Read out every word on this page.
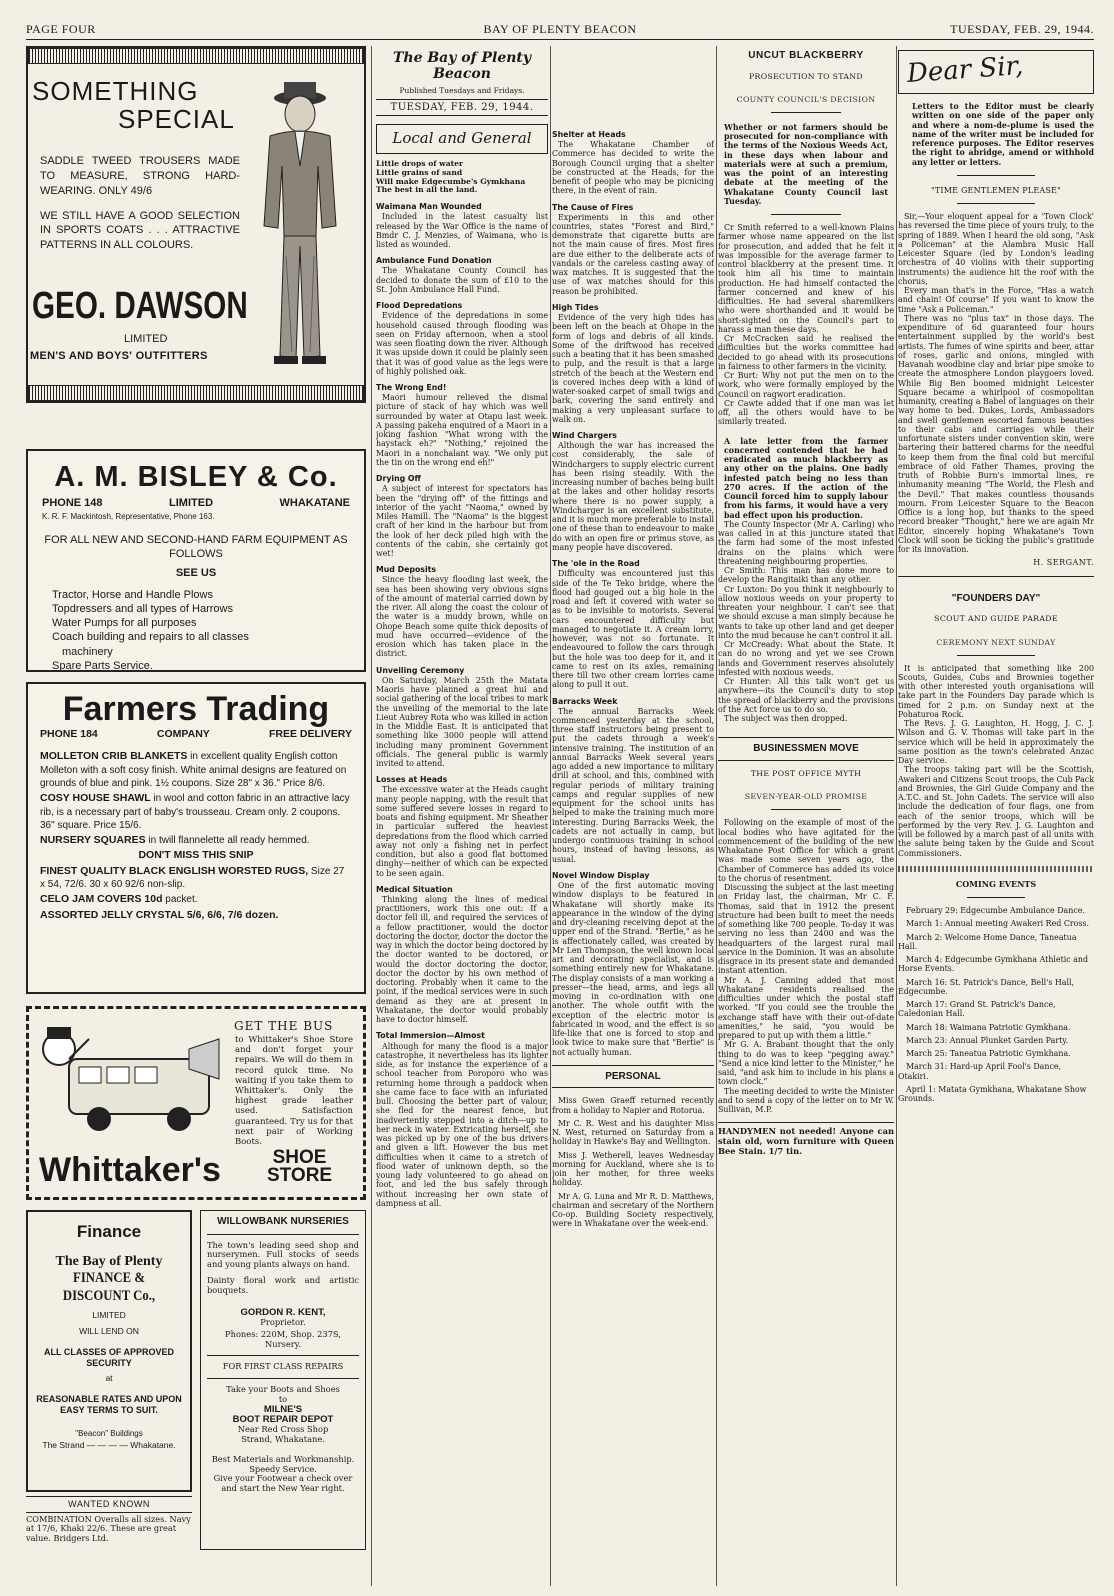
PAGE FOUR	BAY OF PLENTY BEACON	TUESDAY, FEB. 29, 1944.
SOMETHING
SPECIAL

SADDLE TWEED TROUSERS MADE TO MEASURE, STRONG HARD-WEARING. ONLY 49/6

WE STILL HAVE A GOOD SELECTION IN SPORTS COATS . . . ATTRACTIVE PATTERNS IN ALL COLOURS.

GEO. DAWSON
LIMITED
MEN'S AND BOYS' OUTFITTERS
A. M. BISLEY & Co.
PHONE 148	LIMITED	WHAKATANE
K. R. F. Mackintosh, Representative, Phone 163.
FOR ALL NEW AND SECOND-HAND FARM EQUIPMENT AS FOLLOWS
SEE US
Tractor, Horse and Handle Plows
Topdressers and all types of Harrows
Water Pumps for all purposes
Coach building and repairs to all classes
machinery
Spare Parts Service.
Farmers Trading
PHONE 184	COMPANY	FREE DELIVERY

MOLLETON CRIB BLANKETS in excellent quality English cotton Molleton with a soft cosy finish. White animal designs are featured on grounds of blue and pink. 1½ coupons. Size 28" x 36." Price 8/6.

COSY HOUSE SHAWL in wool and cotton fabric in an attractive lacy rib, is a necessary part of baby's trousseau. Cream only. 2 coupons. 36" square. Price 15/6.

NURSERY SQUARES in twill flannelette all ready hemmed.

DON'T MISS THIS SNIP

FINEST QUALITY BLACK ENGLISH WORSTED RUGS, Size 27 x 54, 72/6. 30 x 60 92/6 non-slip.

CELO JAM COVERS 10d packet.

ASSORTED JELLY CRYSTAL 5/6, 6/6, 7/6 dozen.

GET THE BUS
to Whittaker's Shoe Store and don't forget your repairs. We will do them in record quick time. No waiting if you take them to Whittaker's. Only the highest grade leather used. Satisfaction guaranteed. Try us for that next pair of Working Boots.
Whittaker's	SHOE
STORE
Finance
The Bay of Plenty
FINANCE & DISCOUNT Co.,
LIMITED
WILL LEND ON
ALL CLASSES OF APPROVED SECURITY
at
REASONABLE RATES AND UPON EASY TERMS TO SUIT.
"Beacon" Buildings
The Strand — — — — Whakatane.
WANTED KNOWN
COMBINATION Overalls all sizes. Navy at 17/6, Khaki 22/6. These are great value. Bridgers Ltd.
WILLOWBANK NURSERIES
The town's leading seed shop and nurserymen. Full stocks of seeds and young plants always on hand.
Dainty floral work and artistic bouquets.
GORDON R. KENT,
Proprietor.
Phones: 220M, Shop. 237S, Nursery.
FOR FIRST CLASS REPAIRS
Take your Boots and Shoes
to
MILNE'S
BOOT REPAIR DEPOT
Near Red Cross Shop
Strand, Whakatane.
Best Materials and Workmanship. Speedy Service.
Give your Footwear a check over and start the New Year right.
The Bay of Plenty Beacon
Published Tuesdays and Fridays.
TUESDAY, FEB. 29, 1944.
Local and General
Little drops of water
Little grains of sand
Will make Edgecumbe's Gymkhana
The best in all the land.
Waimana Man Wounded

Included in the latest casualty list released by the War Office is the name of Bmdr C. J. Menzies, of Waimana, who is listed as wounded.

Ambulance Fund Donation

The Whakatane County Council has decided to donate the sum of £10 to the St. John Ambulance Hall Fund.

Flood Depredations

Evidence of the depredations in some household caused through flooding was seen on Friday afternoon, when a stool was seen floating down the river. Although it was upside down it could be plainly seen that it was of good value as the legs were of highly polished oak.

The Wrong End!

Maori humour relieved the dismal picture of stack of hay which was well surrounded by water at Otapu last week. A passing pakeha enquired of a Maori in a joking fashion "What wrong with the haystack eh?" "Nothing," rejoined the Maori in a nonchalant way. "We only put the tin on the wrong end eh!"

Drying Off

A subject of interest for spectators has been the "drying off" of the fittings and interior of the yacht "Naoma," owned by Miles Hamill. The "Naoma" is the biggest craft of her kind in the harbour but from the look of her deck piled high with the contents of the cabin, she certainly got wet!

Mud Deposits

Since the heavy flooding last week, the sea has been showing very obvious signs of the amount of material carried down by the river. All along the coast the colour of the water is a muddy brown, while on Ohope Beach some quite thick deposits of mud have occurred—evidence of the erosion which has taken place in the district.

Unveiling Ceremony

On Saturday, March 25th the Matata Maoris have planned a great hui and social gathering of the local tribes to mark the unveiling of the memorial to the late Lieut Aubrey Rota who was killed in action in the Middle East. It is anticipated that something like 3000 people will attend including many prominent Government officials. The general public is warmly invited to attend.

Losses at Heads

The excessive water at the Heads caught many people napping, with the result that some suffered severe losses in regard to boats and fishing equipment. Mr Sheather in particular suffered the heaviest depredations from the flood which carried away not only a fishing net in perfect condition, but also a good flat bottomed dinghy—neither of which can be expected to be seen again.

Medical Situation

Thinking along the lines of medical practitioners, work this one out: If a doctor fell ill, and required the services of a fellow practitioner, would the doctor doctoring the doctor, doctor the doctor the way in which the doctor being doctored by the doctor wanted to be doctored, or would the doctor doctoring the doctor, doctor the doctor by his own method of doctoring. Probably when it came to the point, if the medical services were in such demand as they are at present in Whakatane, the doctor would probably have to doctor himself.

Total Immersion—Almost

Although for many the flood is a major catastrophe, it nevertheless has its lighter side, as for instance the experience of a school teacher from Poroporo who was returning home through a paddock when she came face to face with an infuriated bull. Choosing the better part of valour, she fled for the nearest fence, but inadvertently stepped into a ditch—up to her neck in water. Extricating herself, she was picked up by one of the bus drivers and given a lift. However the bus met difficulties when it came to a stretch of flood water of unknown depth, so the young lady volunteered to go ahead on foot, and led the bus safely through without increasing her own state of dampness at all.

Shelter at Heads

The Whakatane Chamber of Commerce has decided to write the Borough Council urging that a shelter be constructed at the Heads, for the benefit of people who may be picnicing there, in the event of rain.

The Cause of Fires

Experiments in this and other countries, states "Forest and Bird," demonstrate that cigarette butts are not the main cause of fires. Most fires are due either to the deliberate acts of vandals or the careless casting away of wax matches. It is suggested that the use of wax matches should for this reason be prohibited.

High Tides

Evidence of the very high tides has been left on the beach at Ohope in the form of logs and debris of all kinds. Some of the driftwood has received such a beating that it has been smashed to pulp, and the result is that a large stretch of the beach at the Western end is covered inches deep with a kind of water-soaked carpet of small twigs and bark, covering the sand entirely and making a very unpleasant surface to walk on.

Wind Chargers

Although the war has increased the cost considerably, the sale of Windchargers to supply electric current has been rising steadily. With the increasing number of baches being built at the lakes and other holiday resorts where there is no power supply, a Windcharger is an excellent substitute, and it is much more preferable to install one of these than to endeavour to make do with an open fire or primus stove, as many people have discovered.

The 'ole in the Road

Difficulty was encountered just this side of the Te Teko bridge, where the flood had gouged out a big hole in the road and left it covered with water so as to be invisible to motorists. Several cars encountered difficulty but managed to negotiate it. A cream lorry, however, was not so fortunate. It endeavoured to follow the cars through but the hole was too deep for it, and it came to rest on its axles, remaining there till two other cream lorries came along to pull it out.

Barracks Week

The annual Barracks Week commenced yesterday at the school, three staff instructors being present to put the cadets through a week's intensive training. The institution of an annual Barracks Week several years ago added a new importance to military drill at school, and this, combined with regular periods of military training camps and regular supplies of new equipment for the school units has helped to make the training much more interesting. During Barracks Week, the cadets are not actually in camp, but undergo continuous training in school hours, instead of having lessons, as usual.

Novel Window Display

One of the first automatic moving window displays to be featured in Whakatane will shortly make its appearance in the window of the dying and dry-cleaning receiving depot at the upper end of the Strand. "Bertie," as he is affectionately called, was created by Mr Len Thompson, the well known local art and decorating specialist, and is something entirely new for Whakatane. The display consists of a man working a presser—the head, arms, and legs all moving in co-ordination with one another. The whole outfit with the exception of the electric motor is fabricated in wood, and the effect is so life-like that one is forced to stop and look twice to make sure that "Bertie" is not actually human.

PERSONAL

Miss Gwen Graeff returned recently from a holiday to Napier and Rotorua.

Mr C. R. West and his daughter Miss N. West, returned on Saturday from a holiday in Hawke's Bay and Wellington.

Miss J. Wetherell, leaves Wednesday morning for Auckland, where she is to join her mother, for three weeks holiday.

Mr A. G. Luna and Mr R. D. Matthews, chairman and secretary of the Northern Co-op. Building Society respectively, were in Whakatane over the week-end.

UNCUT BLACKBERRY
PROSECUTION TO STAND
COUNTY COUNCIL'S DECISION
Whether or not farmers should be prosecuted for non-compliance with the terms of the Noxious Weeds Act, in these days when labour and materials were at such a premium, was the point of an interesting debate at the meeting of the Whakatane County Council last Tuesday.

Cr Smith referred to a well-known Plains farmer whose name appeared on the list for prosecution, and added that he felt it was impossible for the average farmer to control blackberry at the present time. It took him all his time to maintain production. He had himself contacted the farmer concerned and knew of his difficulties. He had several sharemilkers who were shorthanded and it would be short-sighted on the Council's part to harass a man these days.

Cr McCracken said he realised the difficulties but the works committee had decided to go ahead with its prosecutions in fairness to other farmers in the vicinity.

Cr Burt: Why not put the men on to the work, who were formally employed by the Council on ragwort eradication.

Cr Cawte added that if one man was let off, all the others would have to be similarly treated.

A late letter from the farmer concerned contended that he had eradicated as much blackberry as any other on the plains. One badly infested patch being no less than 270 acres. If the action of the Council forced him to supply labour from his farms, it would have a very bad effect upon his production.

The County Inspector (Mr A. Carling) who was called in at this juncture stated that the farm had some of the most infested drains on the plains which were threatening neighbouring properties.

Cr Smith: This man has done more to develop the Rangitaiki than any other.

Cr Luxton: Do you think it neighbourly to allow noxious weeds on your property to threaten your neighbour. I can't see that we should excuse a man simply because he wants to take up other land and get deeper into the mud because he can't control it all.

Cr McCready: What about the State. It can do no wrong and yet we see Crown lands and Government reserves absolutely infested with noxious weeds.

Cr Hunter: All this talk won't get us anywhere—its the Council's duty to stop the spread of blackberry and the provisions of the Act force us to do so.

The subject was then dropped.

BUSINESSMEN MOVE
THE POST OFFICE MYTH
SEVEN-YEAR-OLD PROMISE

Following on the example of most of the local bodies who have agitated for the commencement of the building of the new Whakatane Post Office for which a grant was made some seven years ago, the Chamber of Commerce has added its voice to the chorus of resentment.

Discussing the subject at the last meeting on Friday last, the chairman, Mr C. F. Thomas, said that in 1912 the present structure had been built to meet the needs of something like 700 people. To-day it was serving no less than 2400 and was the headquarters of the largest rural mail service in the Dominion. It was an absolute disgrace in its present state and demanded instant attention.

Mr A. J. Canning added that most Whakatane residents realised the difficulties under which the postal staff worked. "If you could see the trouble the exchange staff have with their out-of-date amenities," he said, "you would be prepared to put up with them a little."

Mr G. A. Brabant thought that the only thing to do was to keep "pegging away." "Send a nice kind letter to the Minister," he said, "and ask him to include in his plans a town clock."

The meeting decided to write the Minister and to send a copy of the letter on to Mr W. Sullivan, M.P.

HANDYMEN not needed! Anyone can stain old, worn furniture with Queen Bee Stain. 1/7 tin.
Dear Sir,
Letters to the Editor must be clearly written on one side of the paper only and where a nom-de-plume is used the name of the writer must be included for reference purposes. The Editor reserves the right to abridge, amend or withhold any letter or letters.
"TIME GENTLEMEN PLEASE"

Sir,—Your eloquent appeal for a 'Town Clock' has reversed the time piece of yours truly, to the spring of 1889. When I heard the old song, "Ask a Policeman" at the Alambra Music Hall Leicester Square (led by London's leading orchestra of 40 violins with their supporting instruments) the audience hit the roof with the chorus,

Every man that's in the Force, "Has a watch and chain! Of course" If you want to know the time "Ask a Policeman."

There was no "plus tax" in those days. The expenditure of 6d guaranteed four hours entertainment supplied by the world's best artists. The fumes of wine spirits and beer, attar of roses, garlic and onions, mingled with Havanah woodbine clay and briar pipe smoke to create the atmosphere London playgoers loved. While Big Ben boomed midnight Leicester Square became a whirlpool of cosmopolitan humanity, creating a Babel of languages on their way home to bed. Dukes, Lords, Ambassadors and swell gentlemen escorted famous beauties to their cabs and carriages while their unfortunate sisters under convention skin, were bartering their battered charms for the needful to keep them from the final cold but merciful embrace of old Father Thames, proving the truth of Robbie Burn's immortal lines, re inhumanity meaning "The World, the Flesh and the Devil." That makes countless thousands mourn. From Leicester Square to the Beacon Office is a long hop, but thanks to the speed record breaker "Thought," here we are again Mr Editor, sincerely hoping Whakatane's Town Clock will soon be ticking the public's gratitude for its innovation.

H. SERGANT.
"FOUNDERS DAY"
SCOUT AND GUIDE PARADE
CEREMONY NEXT SUNDAY

It is anticipated that something like 200 Scouts, Guides, Cubs and Brownies together with other interested youth organisations will take part in the Founders Day parade which is timed for 2 p.m. on Sunday next at the Pohaturoa Rock.

The Revs. J. G. Laughton, H. Hogg, J. C. J. Wilson and G. V. Thomas will take part in the service which will be held in approximately the same position as the town's celebrated Anzac Day service.

The troops taking part will be the Scottish, Awakeri and Citizens Scout troops, the Cub Pack and Brownies, the Girl Guide Company and the A.T.C. and St. John Cadets. The service will also include the dedication of four flags, one from each of the senior troops, which will be performed by the very Rev. J. G. Laughton and will be followed by a march past of all units with the salute being taken by the Guide and Scout Commissioners.

COMING EVENTS

February 29: Edgecumbe Ambulance Dance.

March 1: Annual meeting Awakeri Red Cross.

March 2: Welcome Home Dance, Taneatua Hall.

March 4: Edgecumbe Gymkhana Athletic and Horse Events.

March 16: St. Patrick's Dance, Bell's Hall, Edgecumbe.

March 17: Grand St. Patrick's Dance, Caledonian Hall.

March 18: Waimana Patriotic Gymkhana.

March 23: Annual Plunket Garden Party.

March 25: Taneatua Patriotic Gymkhana.

March 31: Hard-up April Fool's Dance, Otakiri.

April 1: Matata Gymkhana, Whakatane Show Grounds.
